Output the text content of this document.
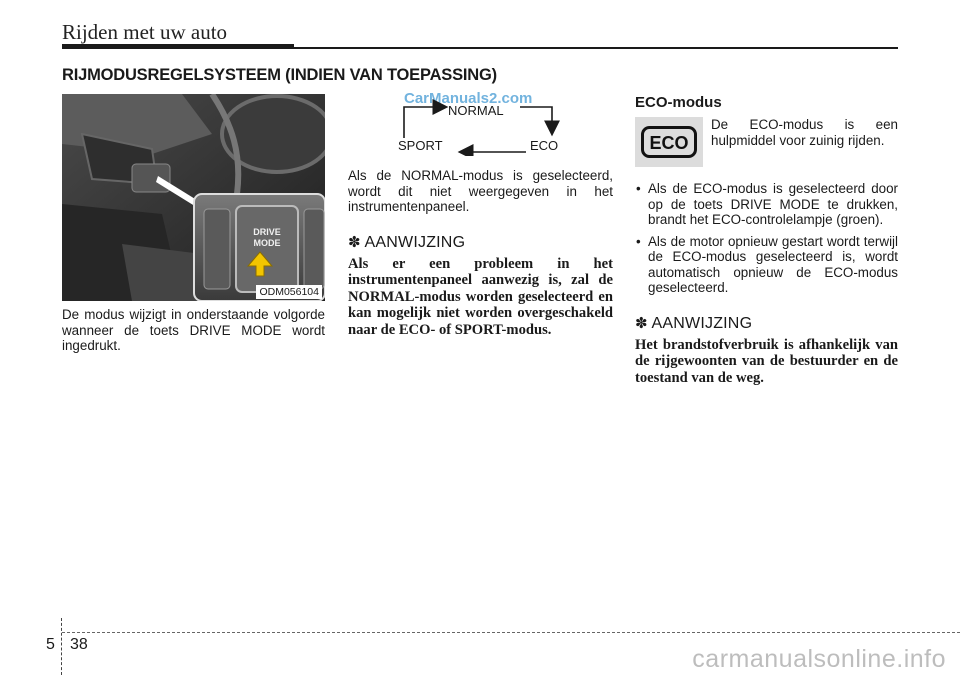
Rijden met uw auto
RIJMODUSREGELSYSTEEM (INDIEN VAN TOEPASSING)
DRIVE
MODE
ODM056104

De modus wijzigt in onderstaande volgorde wanneer de toets DRIVE MODE wordt ingedrukt.

CarManuals2.com
NORMAL
SPORT	ECO

Als de NORMAL-modus is geselecteerd, wordt dit niet weergegeven in het instrumentenpaneel.

✽ AANWIJZING

Als er een probleem in het instrumentenpaneel aanwezig is, zal de NORMAL-modus worden geselecteerd en kan mogelijk niet worden overgeschakeld naar de ECO- of SPORT-modus.

ECO-modus
ECO

De ECO-modus is een hulpmiddel voor zuinig rijden.

• Als de ECO-modus is geselecteerd door op de toets DRIVE MODE te drukken, brandt het ECO-controlelampje (groen).
• Als de motor opnieuw gestart wordt terwijl de ECO-modus geselecteerd is, wordt automatisch opnieuw de ECO-modus geselecteerd.
✽ AANWIJZING

Het brandstofverbruik is afhankelijk van de rijgewoonten van de bestuurder en de toestand van de weg.

5 38
carmanualsonline.info
